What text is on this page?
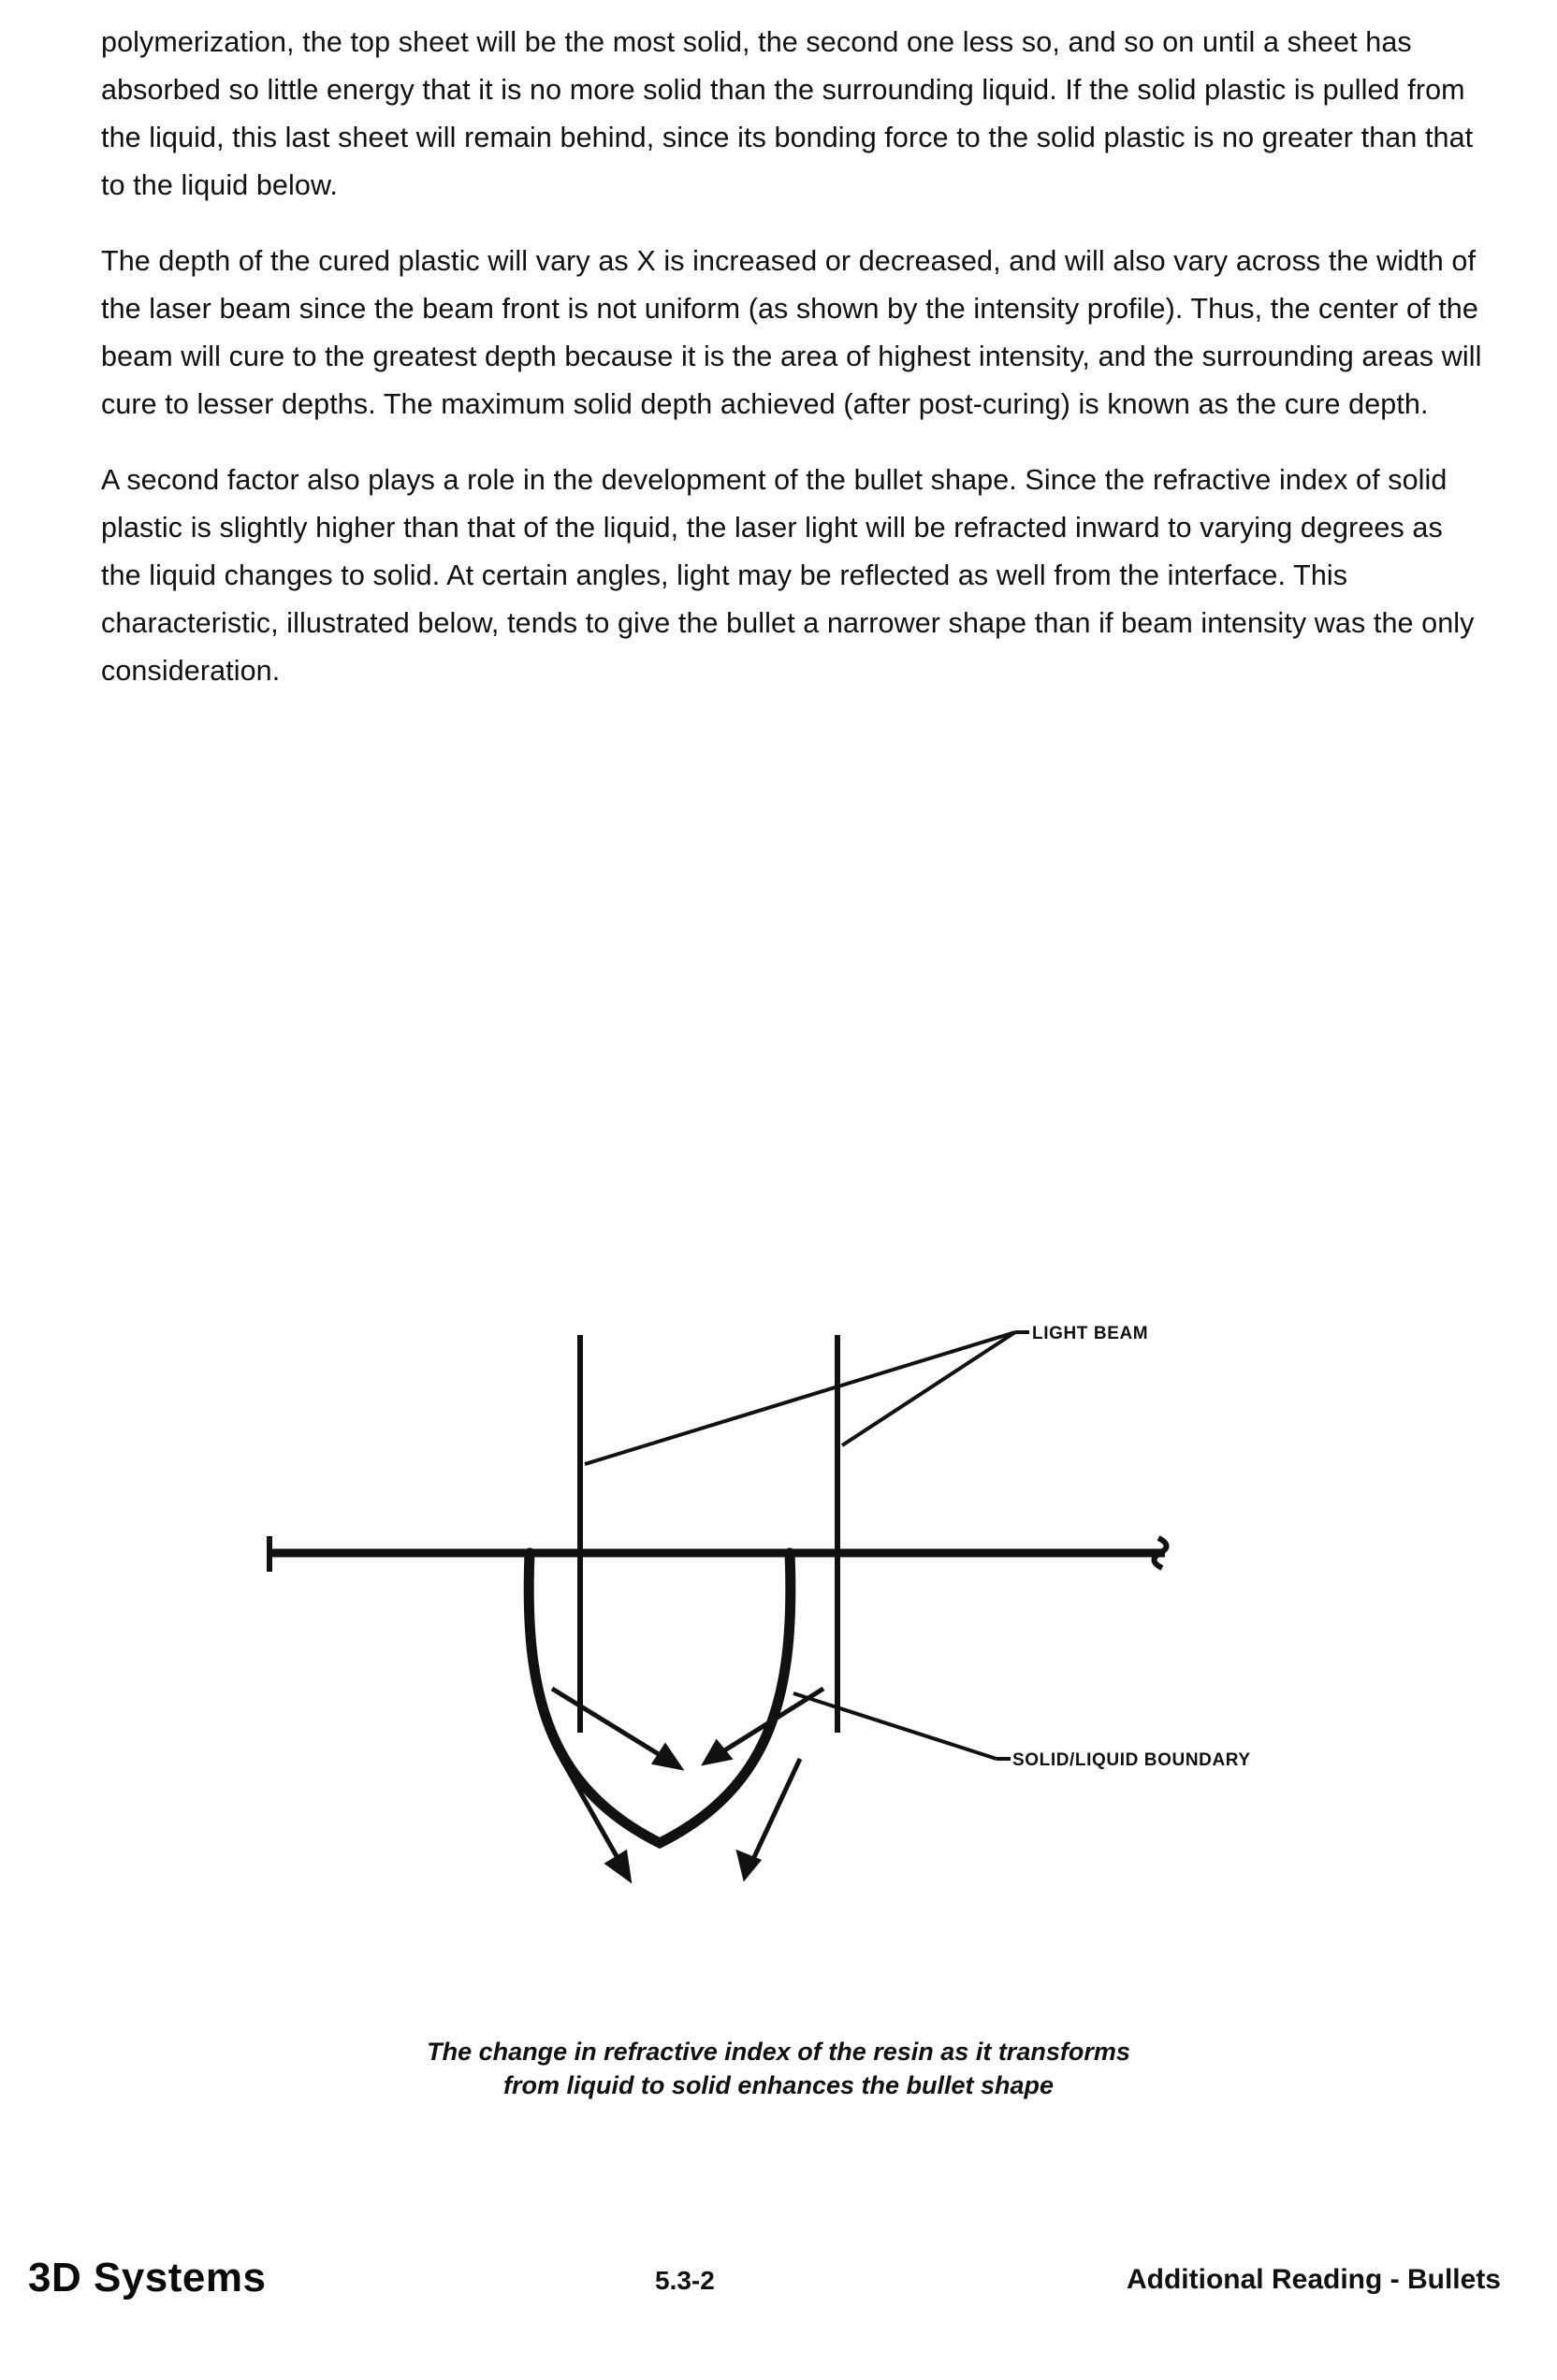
polymerization, the top sheet will be the most solid, the second one less so, and so on until a sheet has absorbed so little energy that it is no more solid than the surrounding liquid. If the solid plastic is pulled from the liquid, this last sheet will remain behind, since its bonding force to the solid plastic is no greater than that to the liquid below.

The depth of the cured plastic will vary as X is increased or decreased, and will also vary across the width of the laser beam since the beam front is not uniform (as shown by the intensity profile). Thus, the center of the beam will cure to the greatest depth because it is the area of highest intensity, and the surrounding areas will cure to lesser depths. The maximum solid depth achieved (after post-curing) is known as the cure depth.

A second factor also plays a role in the development of the bullet shape. Since the refractive index of solid plastic is slightly higher than that of the liquid, the laser light will be refracted inward to varying degrees as the liquid changes to solid. At certain angles, light may be reflected as well from the interface. This characteristic, illustrated below, tends to give the bullet a narrower shape than if beam intensity was the only consideration.

LIGHT BEAM
SOLID/LIQUID BOUNDARY
The change in refractive index of the resin as it transforms
from liquid to solid enhances the bullet shape
3D Systems	5.3-2	Additional Reading - Bullets
